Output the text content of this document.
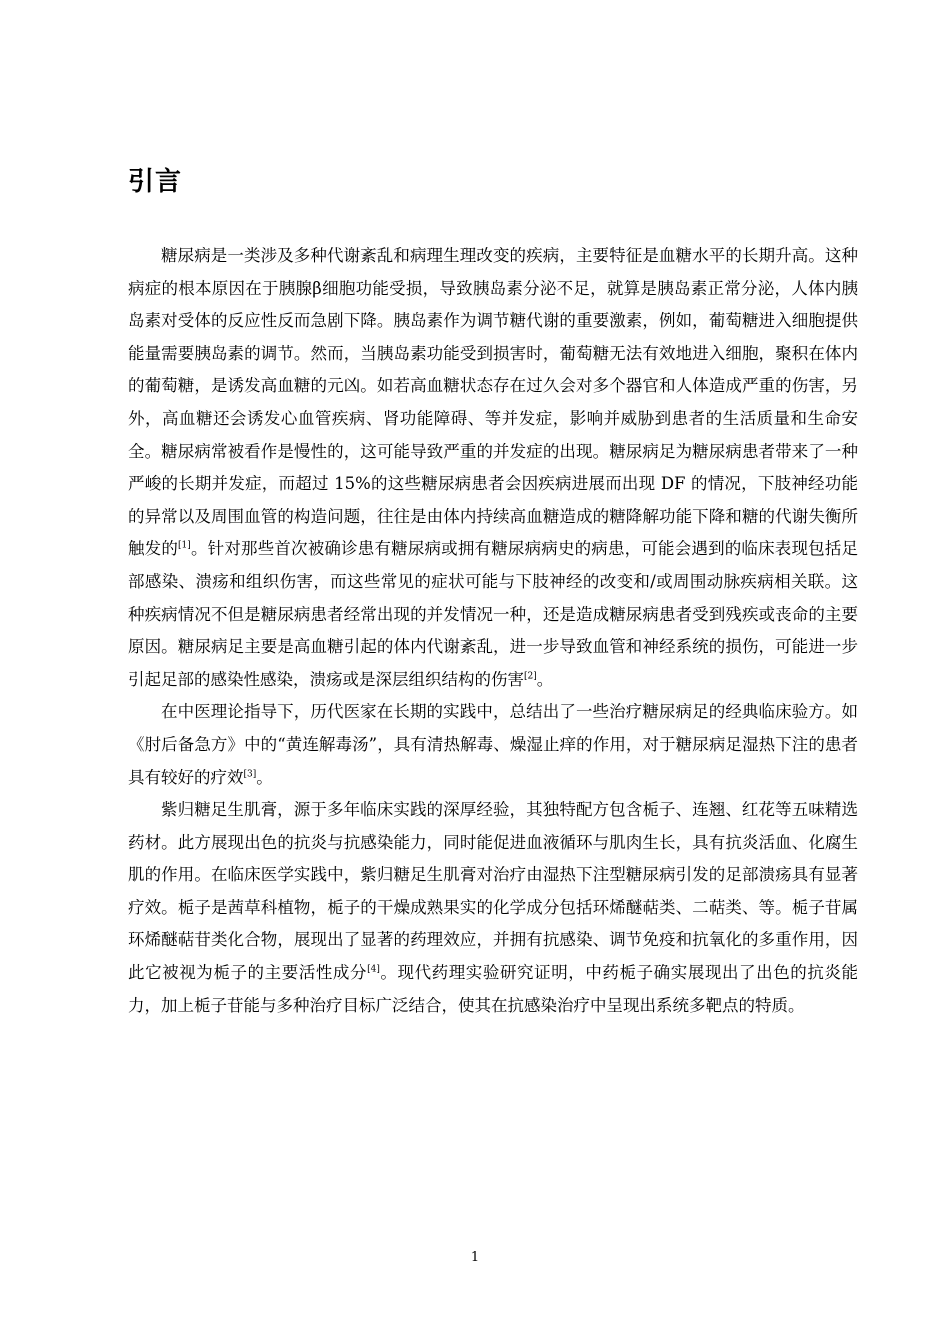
引言

糖尿病是一类涉及多种代谢紊乱和病理生理改变的疾病，主要特征是血糖水平的长期升高。这种病症的根本原因在于胰腺β细胞功能受损，导致胰岛素分泌不足，就算是胰岛素正常分泌，人体内胰岛素对受体的反应性反而急剧下降。胰岛素作为调节糖代谢的重要激素，例如，葡萄糖进入细胞提供能量需要胰岛素的调节。然而，当胰岛素功能受到损害时，葡萄糖无法有效地进入细胞，聚积在体内的葡萄糖，是诱发高血糖的元凶。如若高血糖状态存在过久会对多个器官和人体造成严重的伤害，另外，高血糖还会诱发心血管疾病、肾功能障碍、等并发症，影响并威胁到患者的生活质量和生命安全。糖尿病常被看作是慢性的，这可能导致严重的并发症的出现。糖尿病足为糖尿病患者带来了一种严峻的长期并发症，而超过 15%的这些糖尿病患者会因疾病进展而出现 DF 的情况，下肢神经功能的异常以及周围血管的构造问题，往往是由体内持续高血糖造成的糖降解功能下降和糖的代谢失衡所触发的[1]。针对那些首次被确诊患有糖尿病或拥有糖尿病病史的病患，可能会遇到的临床表现包括足部感染、溃疡和组织伤害，而这些常见的症状可能与下肢神经的改变和/或周围动脉疾病相关联。这种疾病情况不但是糖尿病患者经常出现的并发情况一种，还是造成糖尿病患者受到残疾或丧命的主要原因。糖尿病足主要是高血糖引起的体内代谢紊乱，进一步导致血管和神经系统的损伤，可能进一步引起足部的感染性感染，溃疡或是深层组织结构的伤害[2]。

在中医理论指导下，历代医家在长期的实践中，总结出了一些治疗糖尿病足的经典临床验方。如《肘后备急方》中的“黄连解毒汤”，具有清热解毒、燥湿止痒的作用，对于糖尿病足湿热下注的患者具有较好的疗效[3]。

紫归糖足生肌膏，源于多年临床实践的深厚经验，其独特配方包含栀子、连翘、红花等五味精选药材。此方展现出色的抗炎与抗感染能力，同时能促进血液循环与肌肉生长，具有抗炎活血、化腐生肌的作用。在临床医学实践中，紫归糖足生肌膏对治疗由湿热下注型糖尿病引发的足部溃疡具有显著疗效。栀子是茜草科植物，栀子的干燥成熟果实的化学成分包括环烯醚萜类、二萜类、等。栀子苷属环烯醚萜苷类化合物，展现出了显著的药理效应，并拥有抗感染、调节免疫和抗氧化的多重作用，因此它被视为栀子的主要活性成分[4]。现代药理实验研究证明，中药栀子确实展现出了出色的抗炎能力，加上栀子苷能与多种治疗目标广泛结合，使其在抗感染治疗中呈现出系统多靶点的特质。

1
